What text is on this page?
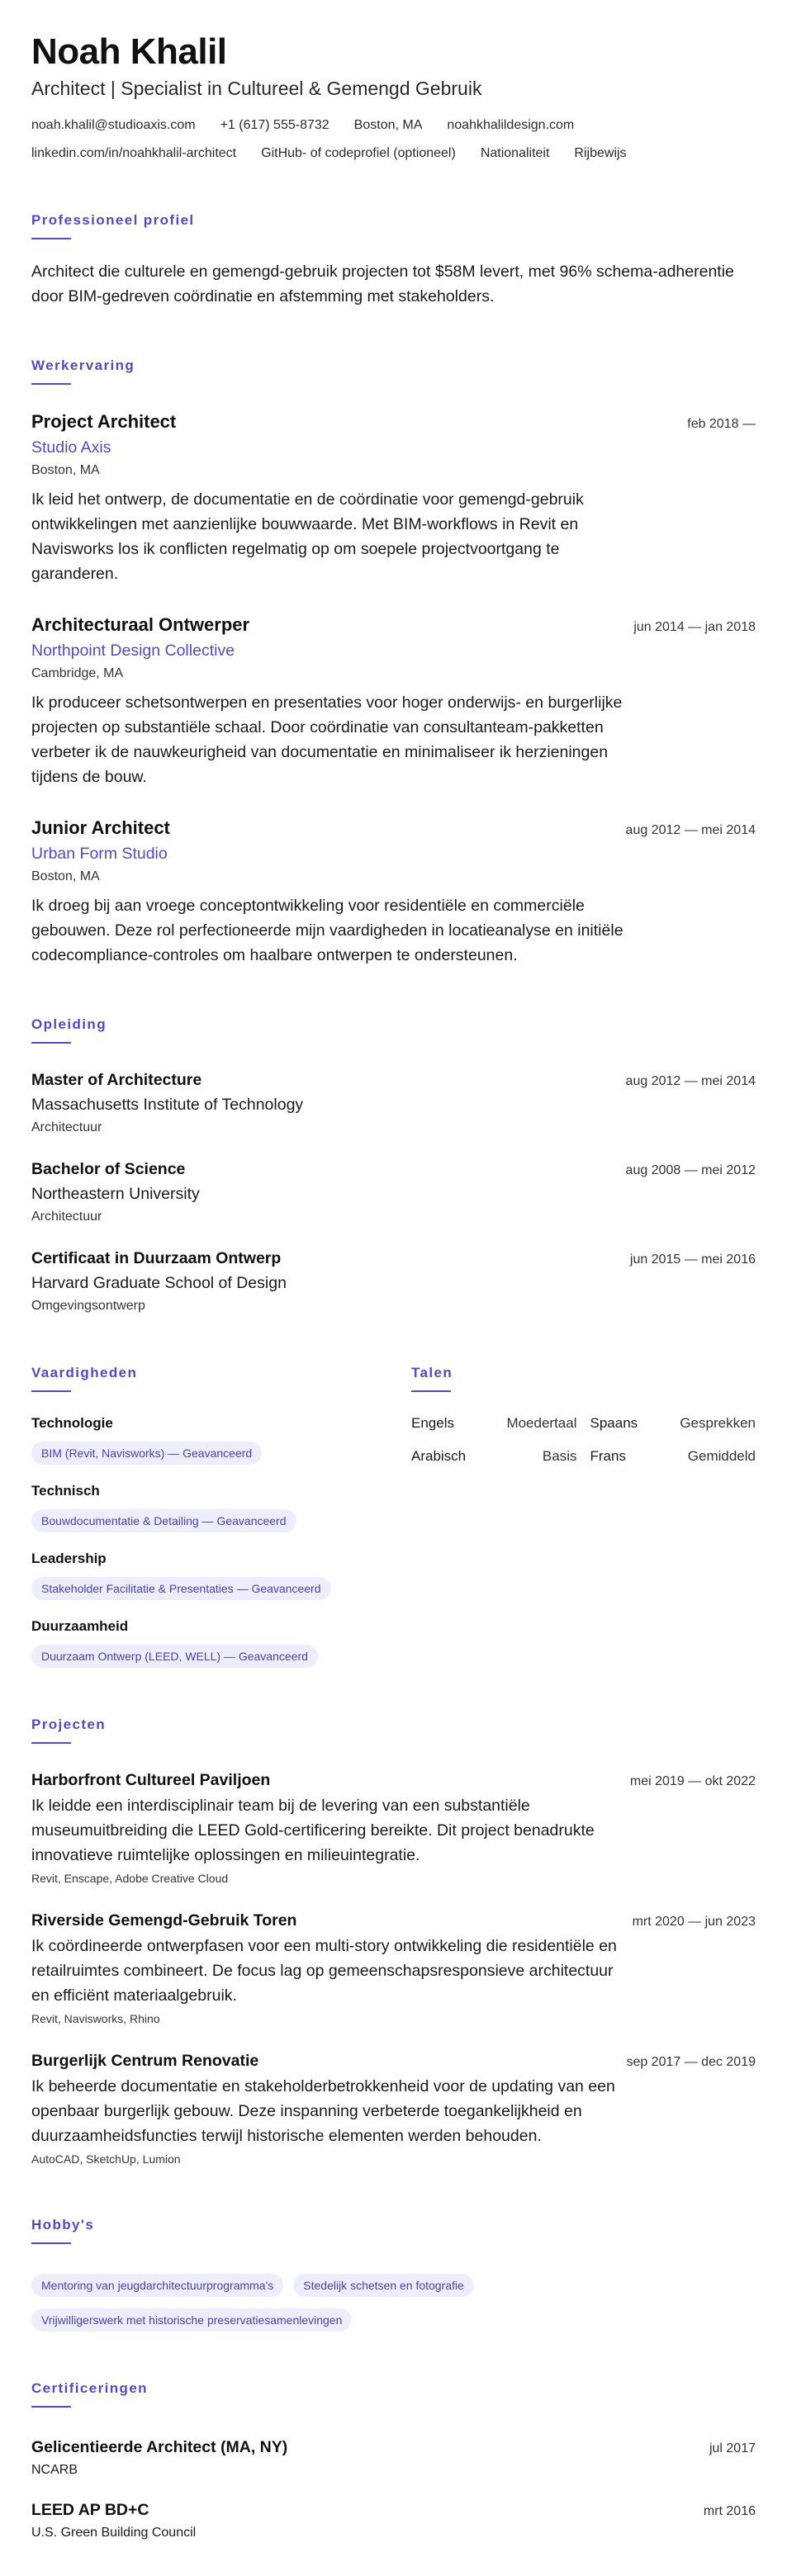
Noah Khalil
Architect | Specialist in Cultureel & Gemengd Gebruik
noah.khalil@studioaxis.com +1 (617) 555-8732 Boston, MA noahkhalildesign.com
linkedin.com/in/noahkhalil-architect GitHub- of codeprofiel (optioneel) Nationaliteit Rijbewijs
Professioneel profiel

Architect die culturele en gemengd-gebruik projecten tot $58M levert, met 96% schema-adherentie door BIM-gedreven coördinatie en afstemming met stakeholders.

Werkervaring
Project Architect	feb 2018 —
Studio Axis
Boston, MA

Ik leid het ontwerp, de documentatie en de coördinatie voor gemengd-gebruik ontwikkelingen met aanzienlijke bouwwaarde. Met BIM-workflows in Revit en Navisworks los ik conflicten regelmatig op om soepele projectvoortgang te garanderen.

Architecturaal Ontwerper	jun 2014 — jan 2018
Northpoint Design Collective
Cambridge, MA

Ik produceer schetsontwerpen en presentaties voor hoger onderwijs- en burgerlijke projecten op substantiële schaal. Door coördinatie van consultanteam-pakketten verbeter ik de nauwkeurigheid van documentatie en minimaliseer ik herzieningen tijdens de bouw.

Junior Architect	aug 2012 — mei 2014
Urban Form Studio
Boston, MA

Ik droeg bij aan vroege conceptontwikkeling voor residentiële en commerciële gebouwen. Deze rol perfectioneerde mijn vaardigheden in locatieanalyse en initiële codecompliance-controles om haalbare ontwerpen te ondersteunen.

Opleiding
Master of Architecture	aug 2012 — mei 2014
Massachusetts Institute of Technology
Architectuur
Bachelor of Science	aug 2008 — mei 2012
Northeastern University
Architectuur
Certificaat in Duurzaam Ontwerp	jun 2015 — mei 2016
Harvard Graduate School of Design
Omgevingsontwerp
Vaardigheden
Technologie
BIM (Revit, Navisworks) — Geavanceerd
Technisch
Bouwdocumentatie & Detailing — Geavanceerd
Leadership
Stakeholder Facilitatie & Presentaties — Geavanceerd
Duurzaamheid
Duurzaam Ontwerp (LEED, WELL) — Geavanceerd
Talen
Engels	Moedertaal Spaans	Gesprekken
Arabisch	Basis Frans	Gemiddeld
Projecten
Harborfront Cultureel Paviljoen	mei 2019 — okt 2022

Ik leidde een interdisciplinair team bij de levering van een substantiële museumuitbreiding die LEED Gold-certificering bereikte. Dit project benadrukte innovatieve ruimtelijke oplossingen en milieuintegratie.

Revit, Enscape, Adobe Creative Cloud
Riverside Gemengd-Gebruik Toren	mrt 2020 — jun 2023

Ik coördineerde ontwerpfasen voor een multi-story ontwikkeling die residentiële en retailruimtes combineert. De focus lag op gemeenschapsresponsieve architectuur en efficiënt materiaalgebruik.

Revit, Navisworks, Rhino
Burgerlijk Centrum Renovatie	sep 2017 — dec 2019

Ik beheerde documentatie en stakeholderbetrokkenheid voor de updating van een openbaar burgerlijk gebouw. Deze inspanning verbeterde toegankelijkheid en duurzaamheidsfuncties terwijl historische elementen werden behouden.

AutoCAD, SketchUp, Lumion
Hobby's
Mentoring van jeugdarchitectuurprogramma's	Stedelijk schetsen en fotografie
Vrijwilligerswerk met historische preservatiesamenlevingen
Certificeringen
Gelicentieerde Architect (MA, NY)	jul 2017
NCARB
LEED AP BD+C	mrt 2016
U.S. Green Building Council
